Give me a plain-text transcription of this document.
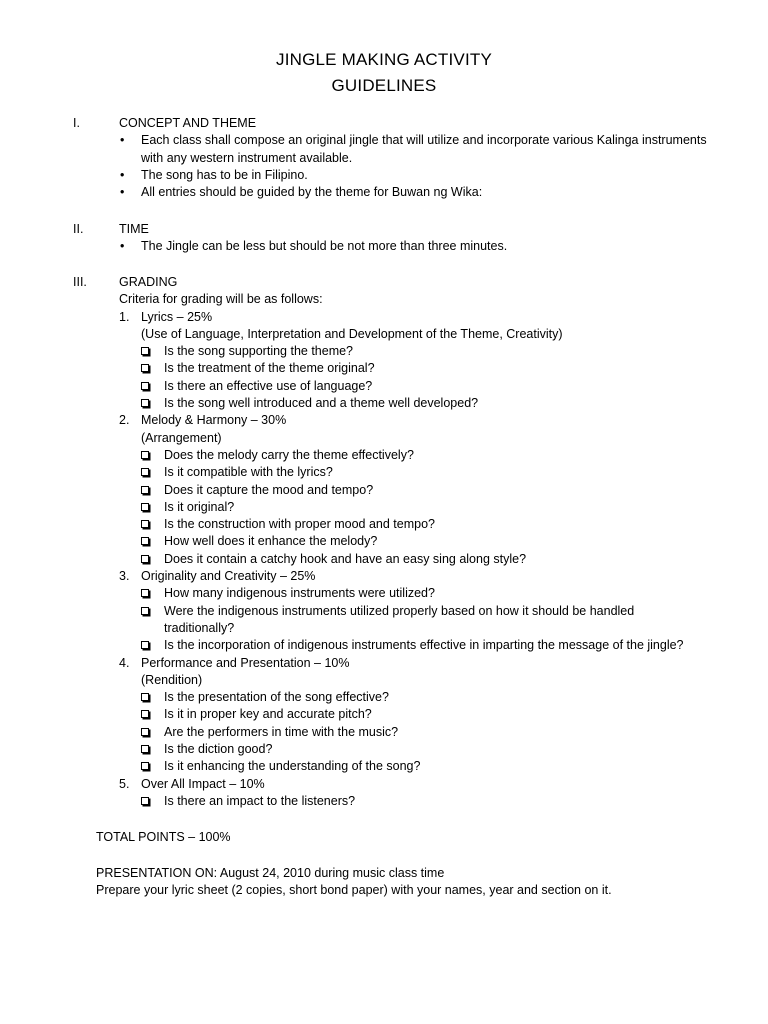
JINGLE MAKING ACTIVITY
GUIDELINES
I.	CONCEPT AND THEME
• Each class shall compose an original jingle that will utilize and incorporate various Kalinga instruments with any western instrument available.
• The song has to be in Filipino.
• All entries should be guided by the theme for Buwan ng Wika:
II.	TIME
• The Jingle can be less but should be not more than three minutes.
III.	GRADING
Criteria for grading will be as follows:
1. Lyrics – 25%
(Use of Language, Interpretation and Development of the Theme, Creativity)
Is the song supporting the theme?
Is the treatment of the theme original?
Is there an effective use of language?
Is the song well introduced and a theme well developed?
2. Melody & Harmony – 30%
(Arrangement)
Does the melody carry the theme effectively?
Is it compatible with the lyrics?
Does it capture the mood and tempo?
Is it original?
Is the construction with proper mood and tempo?
How well does it enhance the melody?
Does it contain a catchy hook and have an easy sing along style?
3. Originality and Creativity – 25%
How many indigenous instruments were utilized?
Were the indigenous instruments utilized properly based on how it should be handled
traditionally?
Is the incorporation of indigenous instruments effective in imparting the message of the jingle?
4. Performance and Presentation – 10%
(Rendition)
Is the presentation of the song effective?
Is it in proper key and accurate pitch?
Are the performers in time with the music?
Is the diction good?
Is it enhancing the understanding of the song?
5. Over All Impact – 10%
Is there an impact to the listeners?
TOTAL POINTS – 100%
PRESENTATION ON: August 24, 2010 during music class time
Prepare your lyric sheet (2 copies, short bond paper) with your names, year and section on it.
